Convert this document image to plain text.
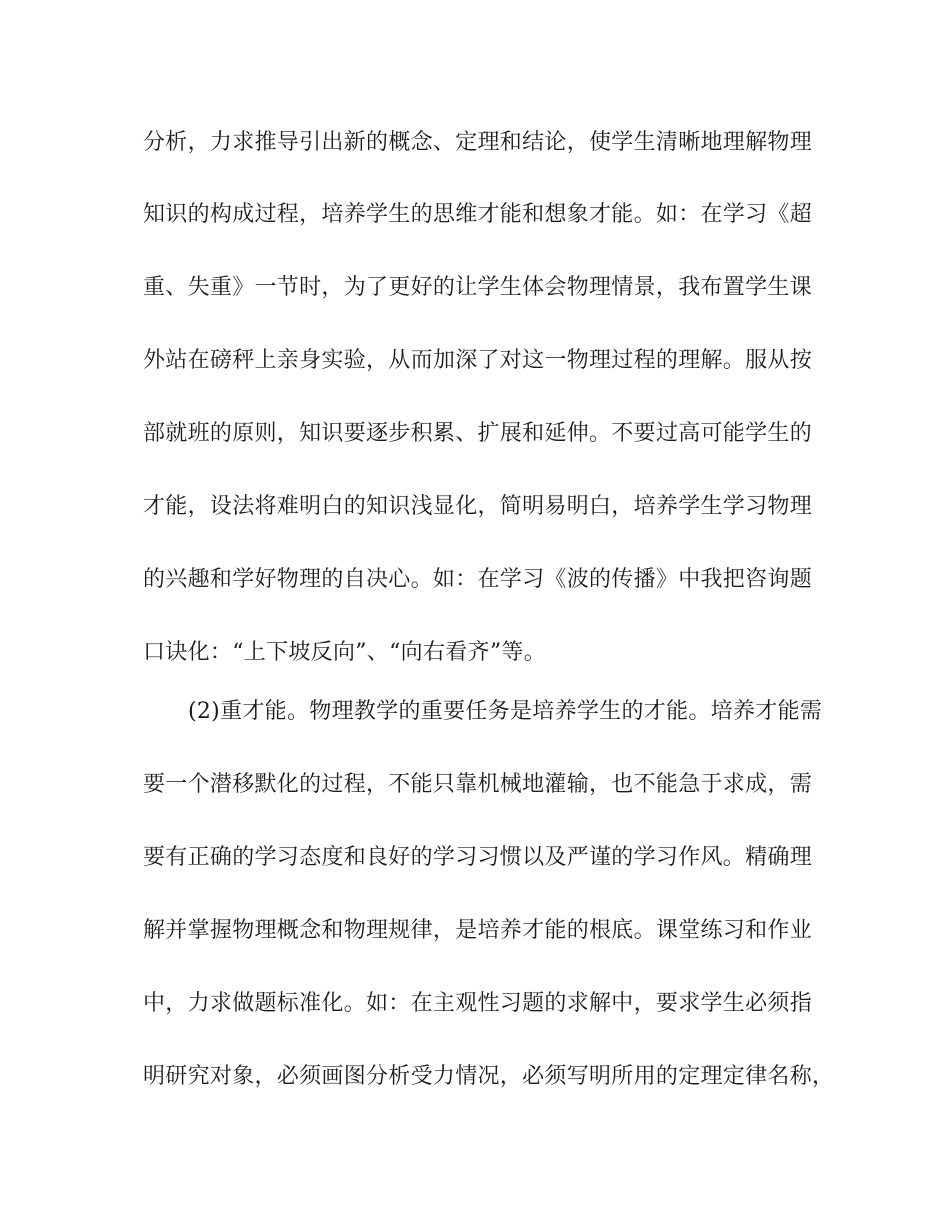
分析，力求推导引出新的概念、定理和结论，使学生清晰地理解物理
知识的构成过程，培养学生的思维才能和想象才能。如：在学习《超
重、失重》一节时，为了更好的让学生体会物理情景，我布置学生课
外站在磅秤上亲身实验，从而加深了对这一物理过程的理解。服从按
部就班的原则，知识要逐步积累、扩展和延伸。不要过高可能学生的
才能，设法将难明白的知识浅显化，简明易明白，培养学生学习物理
的兴趣和学好物理的自决心。如：在学习《波的传播》中我把咨询题
口诀化：“上下坡反向”、“向右看齐”等。
(2)重才能。物理教学的重要任务是培养学生的才能。培养才能需
要一个潜移默化的过程，不能只靠机械地灌输，也不能急于求成，需
要有正确的学习态度和良好的学习习惯以及严谨的学习作风。精确理
解并掌握物理概念和物理规律，是培养才能的根底。课堂练习和作业
中，力求做题标准化。如：在主观性习题的求解中，要求学生必须指
明研究对象，必须画图分析受力情况，必须写明所用的定理定律名称，
